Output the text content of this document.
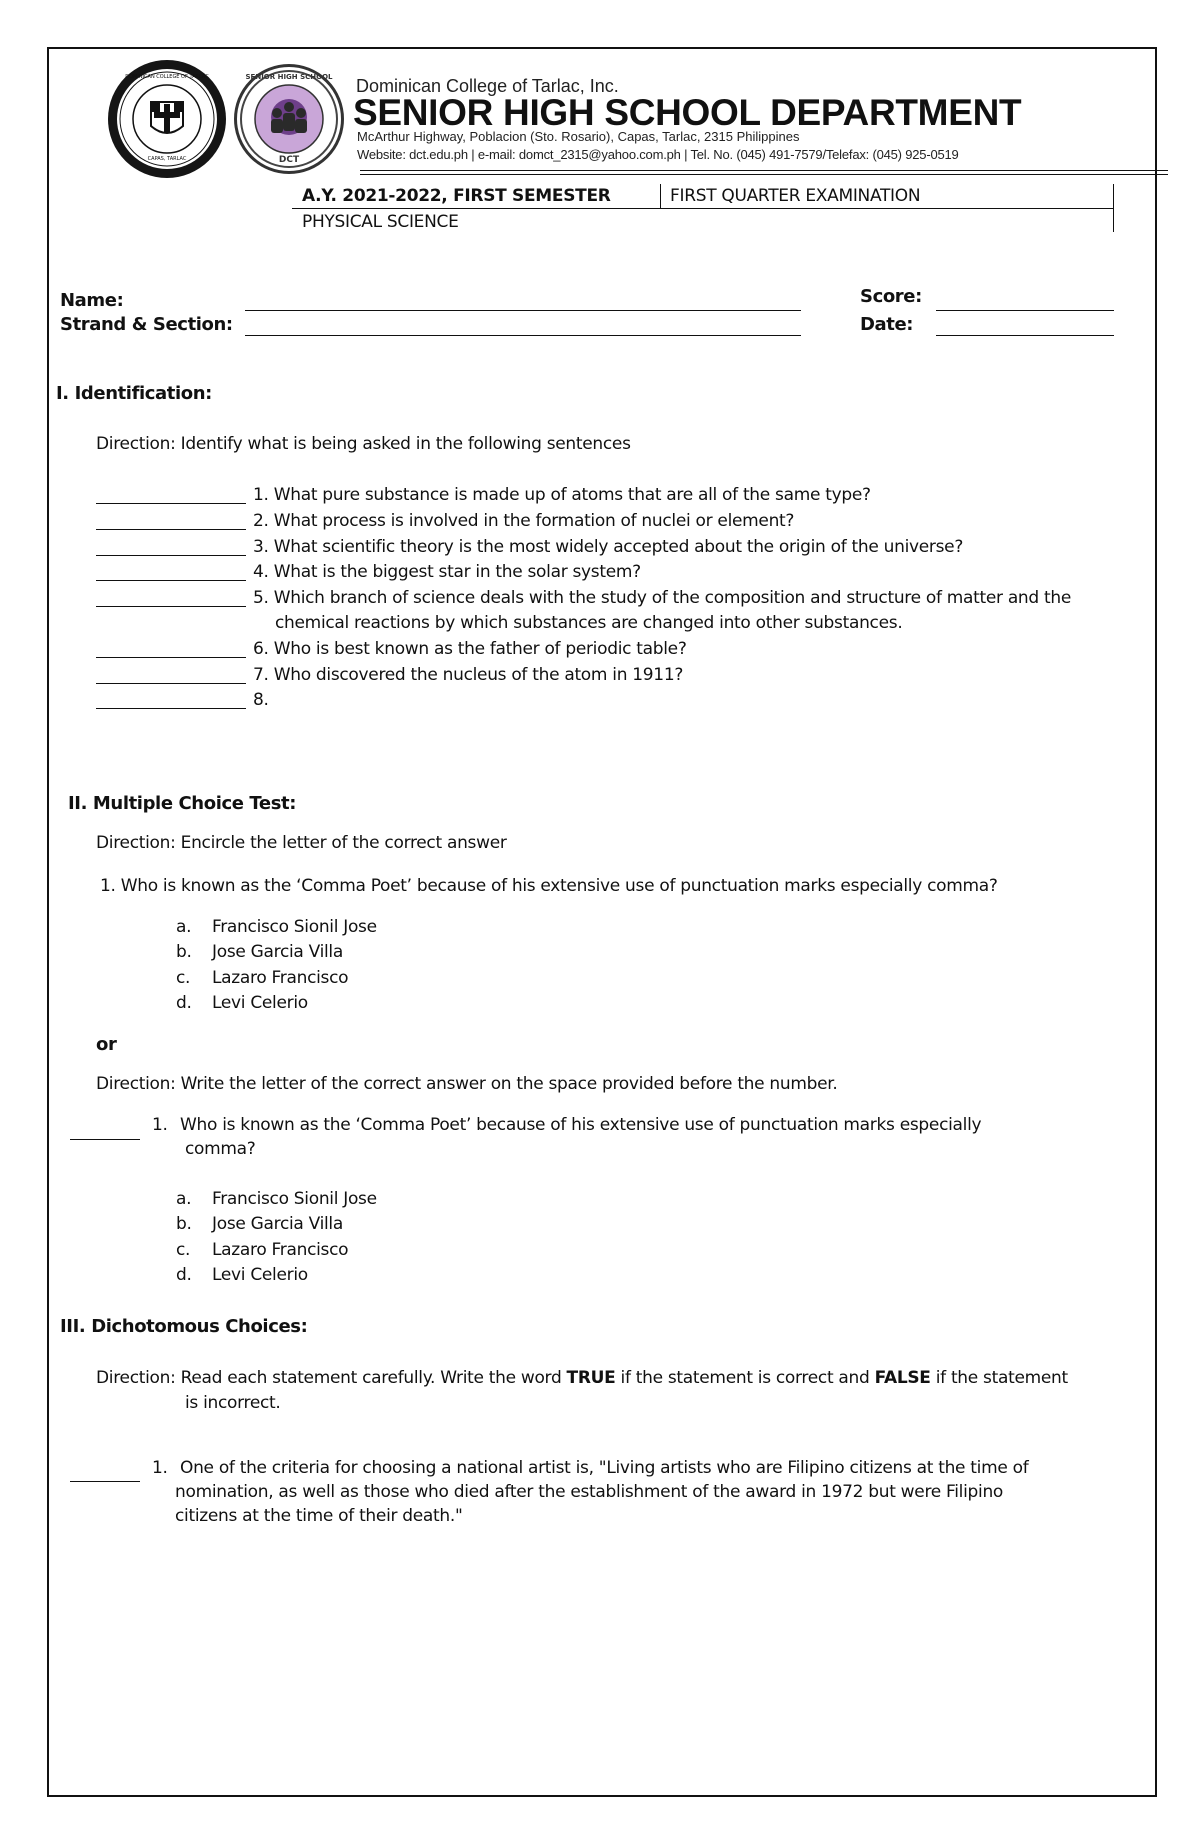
DOMINICAN COLLEGE OF TARLAC
CAPAS, TARLAC
SENIOR HIGH SCHOOL
DCT
Dominican College of Tarlac, Inc.
SENIOR HIGH SCHOOL DEPARTMENT
McArthur Highway, Poblacion (Sto. Rosario), Capas, Tarlac, 2315 Philippines
Website: dct.edu.ph | e-mail: domct_2315@yahoo.com.ph | Tel. No. (045) 491-7579/Telefax: (045) 925-0519
A.Y. 2021-2022, FIRST SEMESTER	FIRST QUARTER EXAMINATION
PHYSICAL SCIENCE
Name:
Strand & Section:
Score:
Date:
I. Identification:
Direction: Identify what is being asked in the following sentences
1. What pure substance is made up of atoms that are all of the same type?
2. What process is involved in the formation of nuclei or element?
3. What scientific theory is the most widely accepted about the origin of the universe?
4. What is the biggest star in the solar system?
5. Which branch of science deals with the study of the composition and structure of matter and the
chemical reactions by which substances are changed into other substances.
6. Who is best known as the father of periodic table?
7. Who discovered the nucleus of the atom in 1911?
8.
II. Multiple Choice Test:
Direction: Encircle the letter of the correct answer
1. Who is known as the ‘Comma Poet’ because of his extensive use of punctuation marks especially comma?
a. Francisco Sionil Jose
b. Jose Garcia Villa
c. Lazaro Francisco
d. Levi Celerio
or
Direction: Write the letter of the correct answer on the space provided before the number.
1. Who is known as the ‘Comma Poet’ because of his extensive use of punctuation marks especially
comma?
a. Francisco Sionil Jose
b. Jose Garcia Villa
c. Lazaro Francisco
d. Levi Celerio
III. Dichotomous Choices:
Direction: Read each statement carefully. Write the word TRUE if the statement is correct and FALSE if the statement
is incorrect.
1. One of the criteria for choosing a national artist is, "Living artists who are Filipino citizens at the time of
nomination, as well as those who died after the establishment of the award in 1972 but were Filipino
citizens at the time of their death."
